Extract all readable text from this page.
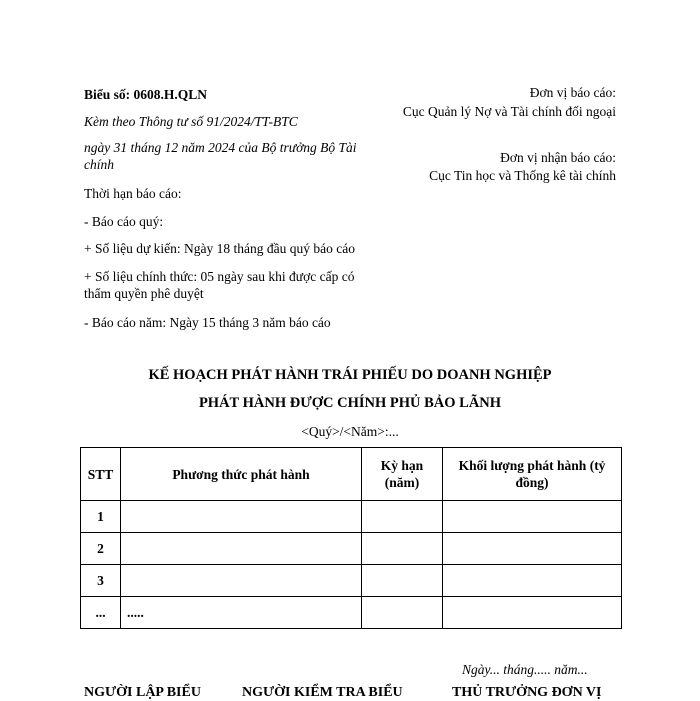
Biểu số: 0608.H.QLN
Kèm theo Thông tư số 91/2024/TT-BTC
ngày 31 tháng 12 năm 2024 của Bộ trưởng Bộ Tài chính
Thời hạn báo cáo:
- Báo cáo quý:
+ Số liệu dự kiến: Ngày 18 tháng đầu quý báo cáo
+ Số liệu chính thức: 05 ngày sau khi được cấp có thẩm quyền phê duyệt
- Báo cáo năm: Ngày 15 tháng 3 năm báo cáo
Đơn vị báo cáo:
Cục Quản lý Nợ và Tài chính đối ngoại
Đơn vị nhận báo cáo:
Cục Tin học và Thống kê tài chính
KẾ HOẠCH PHÁT HÀNH TRÁI PHIẾU DO DOANH NGHIỆP
PHÁT HÀNH ĐƯỢC CHÍNH PHỦ BẢO LÃNH
<Quý>/<Năm>:...
STT	Phương thức phát hành	Kỳ hạn (năm)	Khối lượng phát hành (tỷ đồng)
1			
2			
3			
...	.....		
Ngày... tháng..... năm...
NGƯỜI LẬP BIỂU	NGƯỜI KIỂM TRA BIỂU	THỦ TRƯỞNG ĐƠN VỊ
